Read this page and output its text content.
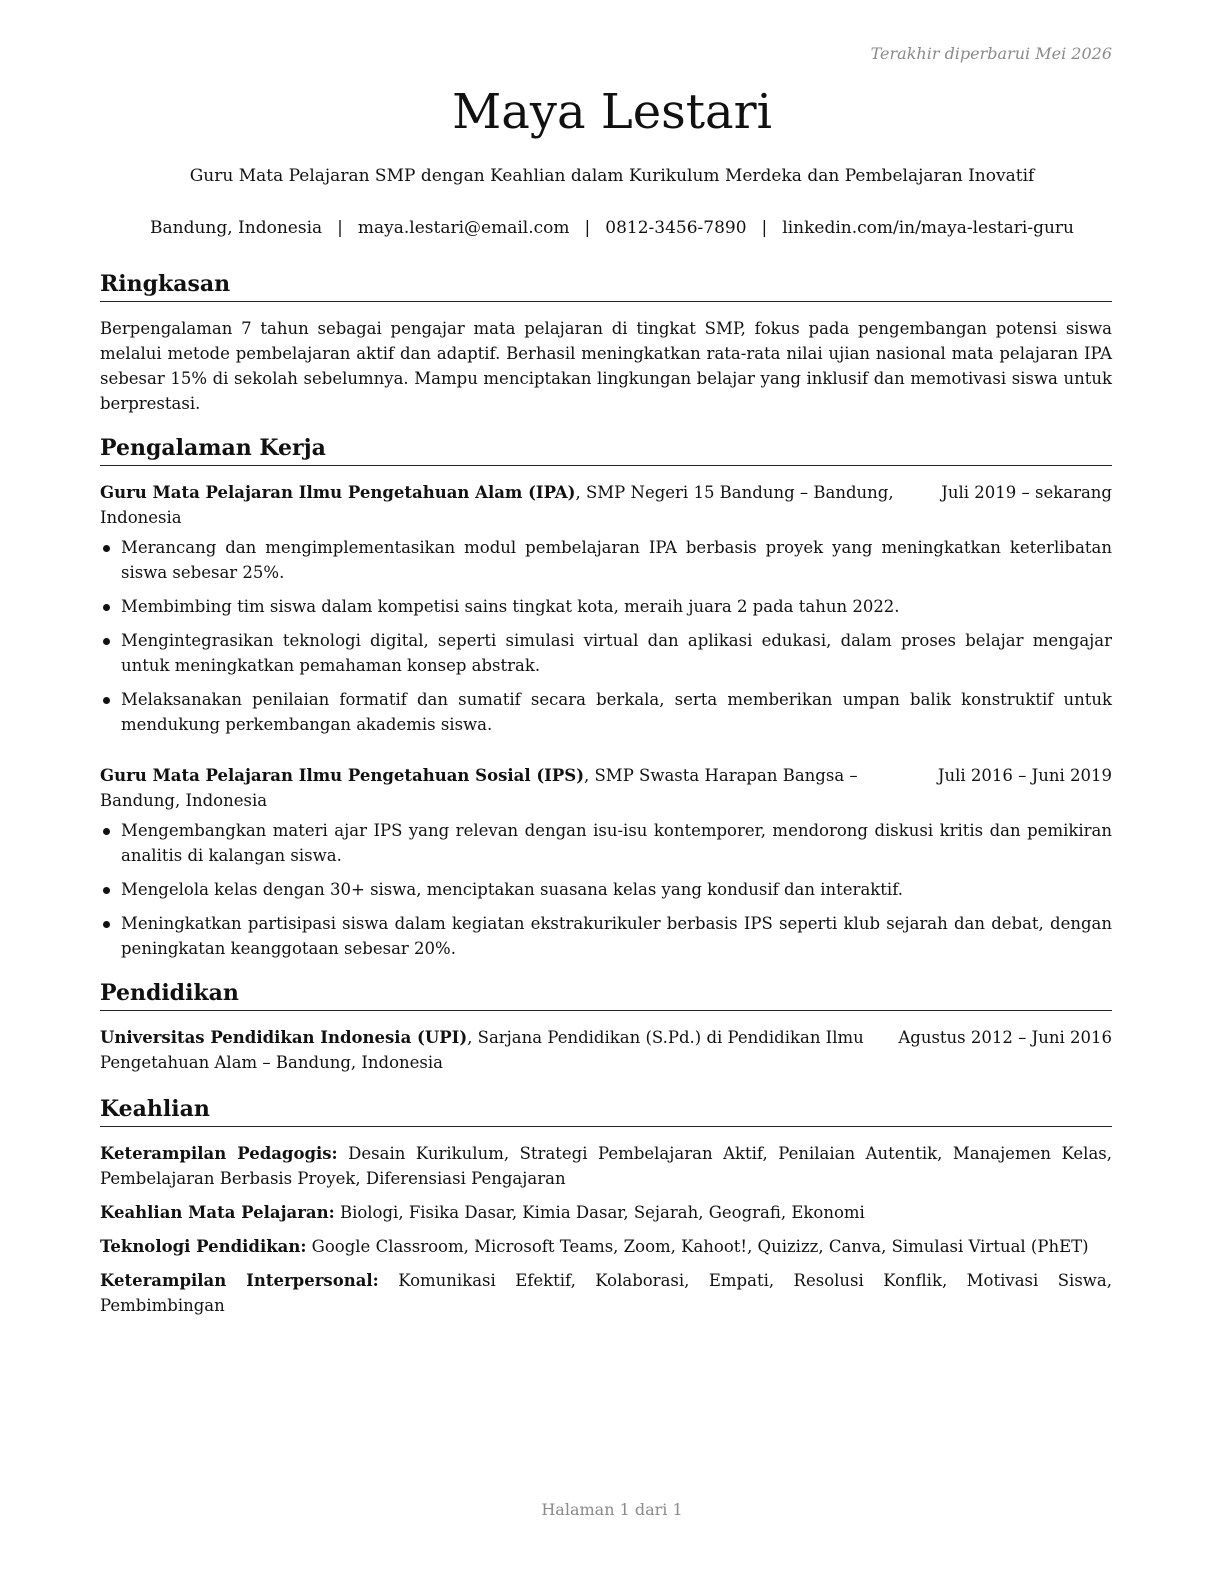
Terakhir diperbarui Mei 2026
Maya Lestari
Guru Mata Pelajaran SMP dengan Keahlian dalam Kurikulum Merdeka dan Pembelajaran Inovatif
Bandung, Indonesia | maya.lestari@email.com | 0812-3456-7890 | linkedin.com/in/maya-lestari-guru
Ringkasan

Berpengalaman 7 tahun sebagai pengajar mata pelajaran di tingkat SMP, fokus pada pengembangan potensi siswa melalui metode pembelajaran aktif dan adaptif. Berhasil meningkatkan rata-rata nilai ujian nasional mata pelajaran IPA sebesar 15% di sekolah sebelumnya. Mampu menciptakan lingkungan belajar yang inklusif dan memotivasi siswa untuk berprestasi.

Pengalaman Kerja
Guru Mata Pelajaran Ilmu Pengetahuan Alam (IPA), SMP Negeri 15 Bandung – Bandung, Indonesia
Juli 2019 – sekarang
Merancang dan mengimplementasikan modul pembelajaran IPA berbasis proyek yang meningkatkan keterlibatan siswa sebesar 25%.
Membimbing tim siswa dalam kompetisi sains tingkat kota, meraih juara 2 pada tahun 2022.
Mengintegrasikan teknologi digital, seperti simulasi virtual dan aplikasi edukasi, dalam proses belajar mengajar untuk meningkatkan pemahaman konsep abstrak.
Melaksanakan penilaian formatif dan sumatif secara berkala, serta memberikan umpan balik konstruktif untuk mendukung perkembangan akademis siswa.
Guru Mata Pelajaran Ilmu Pengetahuan Sosial (IPS), SMP Swasta Harapan Bangsa – Bandung, Indonesia
Juli 2016 – Juni 2019
Mengembangkan materi ajar IPS yang relevan dengan isu-isu kontemporer, mendorong diskusi kritis dan pemikiran analitis di kalangan siswa.
Mengelola kelas dengan 30+ siswa, menciptakan suasana kelas yang kondusif dan interaktif.
Meningkatkan partisipasi siswa dalam kegiatan ekstrakurikuler berbasis IPS seperti klub sejarah dan debat, dengan peningkatan keanggotaan sebesar 20%.
Pendidikan
Universitas Pendidikan Indonesia (UPI), Sarjana Pendidikan (S.Pd.) di Pendidikan Ilmu Pengetahuan Alam – Bandung, Indonesia
Agustus 2012 – Juni 2016
Keahlian

Keterampilan Pedagogis: Desain Kurikulum, Strategi Pembelajaran Aktif, Penilaian Autentik, Manajemen Kelas, Pembelajaran Berbasis Proyek, Diferensiasi Pengajaran

Keahlian Mata Pelajaran: Biologi, Fisika Dasar, Kimia Dasar, Sejarah, Geografi, Ekonomi

Teknologi Pendidikan: Google Classroom, Microsoft Teams, Zoom, Kahoot!, Quizizz, Canva, Simulasi Virtual (PhET)

Keterampilan Interpersonal: Komunikasi Efektif, Kolaborasi, Empati, Resolusi Konflik, Motivasi Siswa, Pembimbingan

Halaman 1 dari 1
